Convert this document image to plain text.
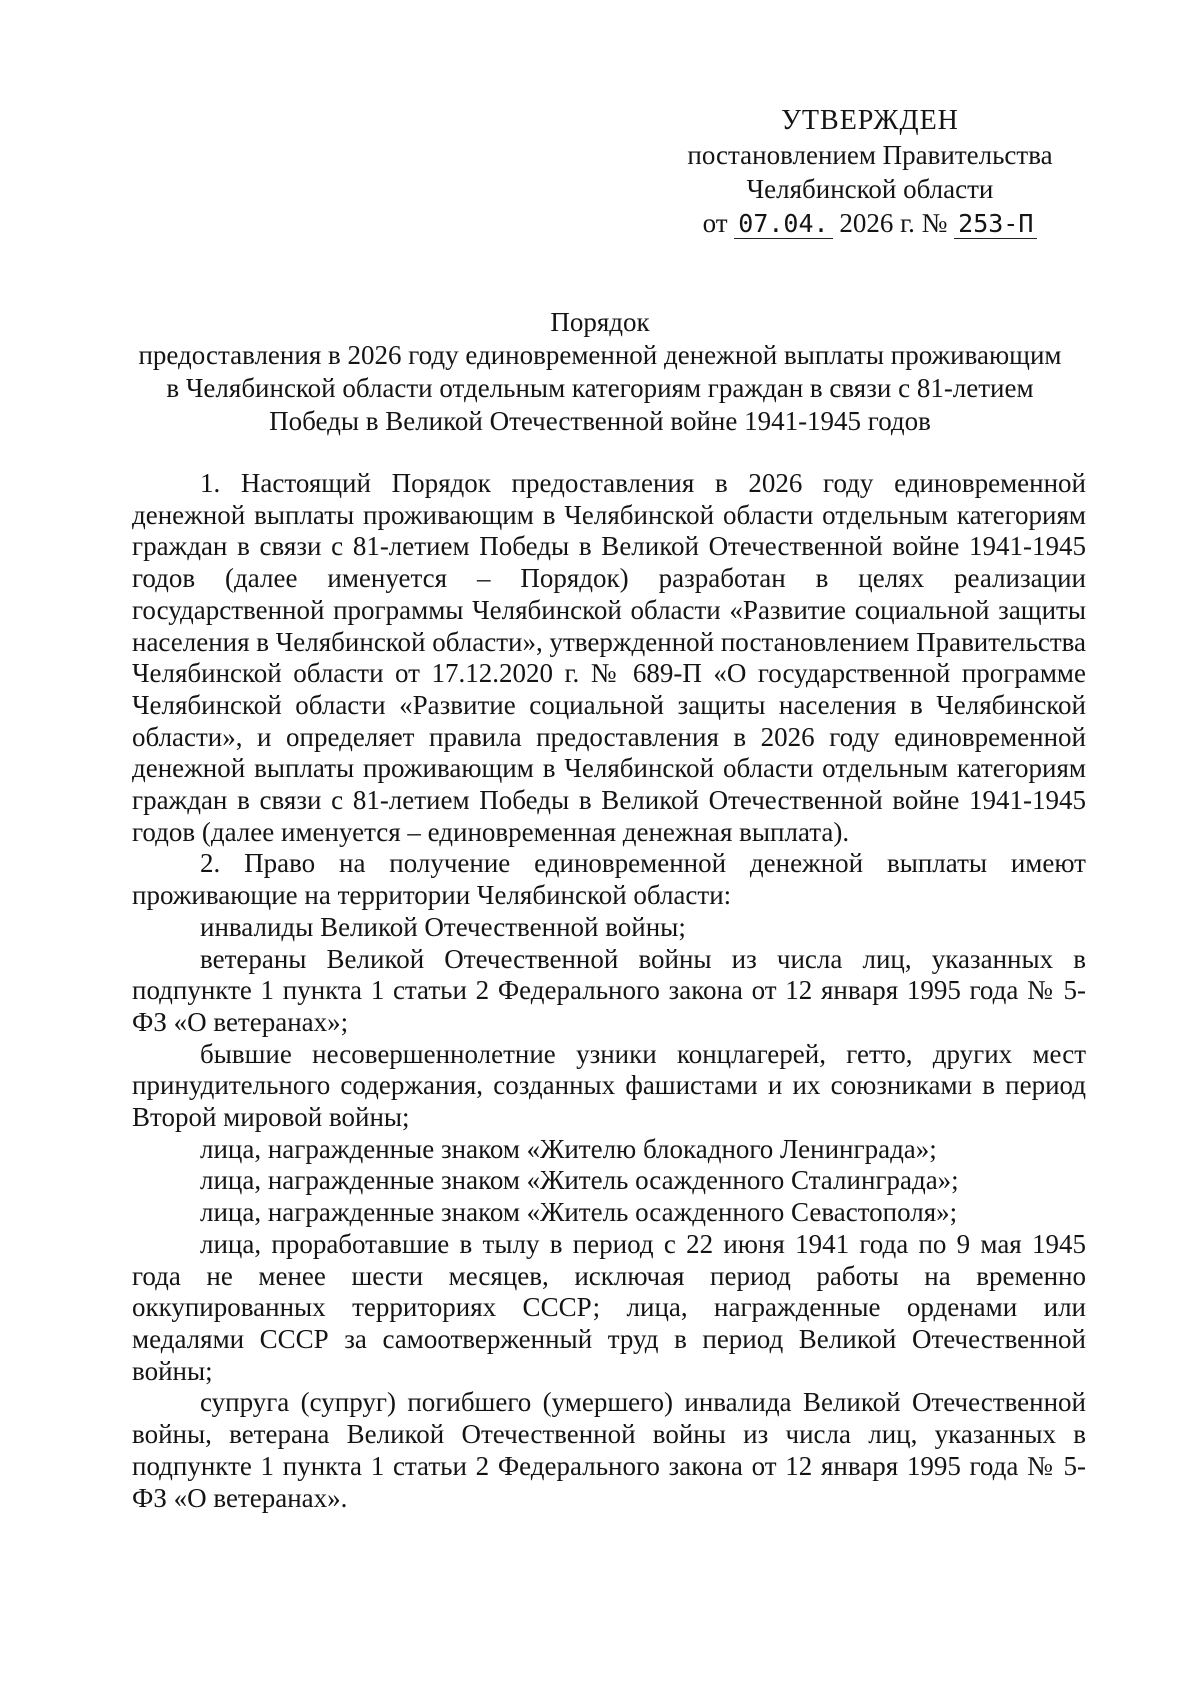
УТВЕРЖДЕН
постановлением Правительства
Челябинской области
от 07.04. 2026 г. № 253-П
Порядок
предоставления в 2026 году единовременной денежной выплаты проживающим в Челябинской области отдельным категориям граждан в связи с 81-летием Победы в Великой Отечественной войне 1941-1945 годов

1. Настоящий Порядок предоставления в 2026 году единовременной денежной выплаты проживающим в Челябинской области отдельным категориям граждан в связи с 81-летием Победы в Великой Отечественной войне 1941-1945 годов (далее именуется – Порядок) разработан в целях реализации государственной программы Челябинской области «Развитие социальной защиты населения в Челябинской области», утвержденной постановлением Правительства Челябинской области от 17.12.2020 г. № 689-П «О государственной программе Челябинской области «Развитие социальной защиты населения в Челябинской области», и определяет правила предоставления в 2026 году единовременной денежной выплаты проживающим в Челябинской области отдельным категориям граждан в связи с 81-летием Победы в Великой Отечественной войне 1941-1945 годов (далее именуется – единовременная денежная выплата).

2. Право на получение единовременной денежной выплаты имеют проживающие на территории Челябинской области:

инвалиды Великой Отечественной войны;

ветераны Великой Отечественной войны из числа лиц, указанных в подпункте 1 пункта 1 статьи 2 Федерального закона от 12 января 1995 года № 5-ФЗ «О ветеранах»;

бывшие несовершеннолетние узники концлагерей, гетто, других мест принудительного содержания, созданных фашистами и их союзниками в период Второй мировой войны;

лица, награжденные знаком «Жителю блокадного Ленинграда»;

лица, награжденные знаком «Житель осажденного Сталинграда»;

лица, награжденные знаком «Житель осажденного Севастополя»;

лица, проработавшие в тылу в период с 22 июня 1941 года по 9 мая 1945 года не менее шести месяцев, исключая период работы на временно оккупированных территориях СССР; лица, награжденные орденами или медалями СССР за самоотверженный труд в период Великой Отечественной войны;

супруга (супруг) погибшего (умершего) инвалида Великой Отечественной войны, ветерана Великой Отечественной войны из числа лиц, указанных в подпункте 1 пункта 1 статьи 2 Федерального закона от 12 января 1995 года № 5-ФЗ «О ветеранах».
